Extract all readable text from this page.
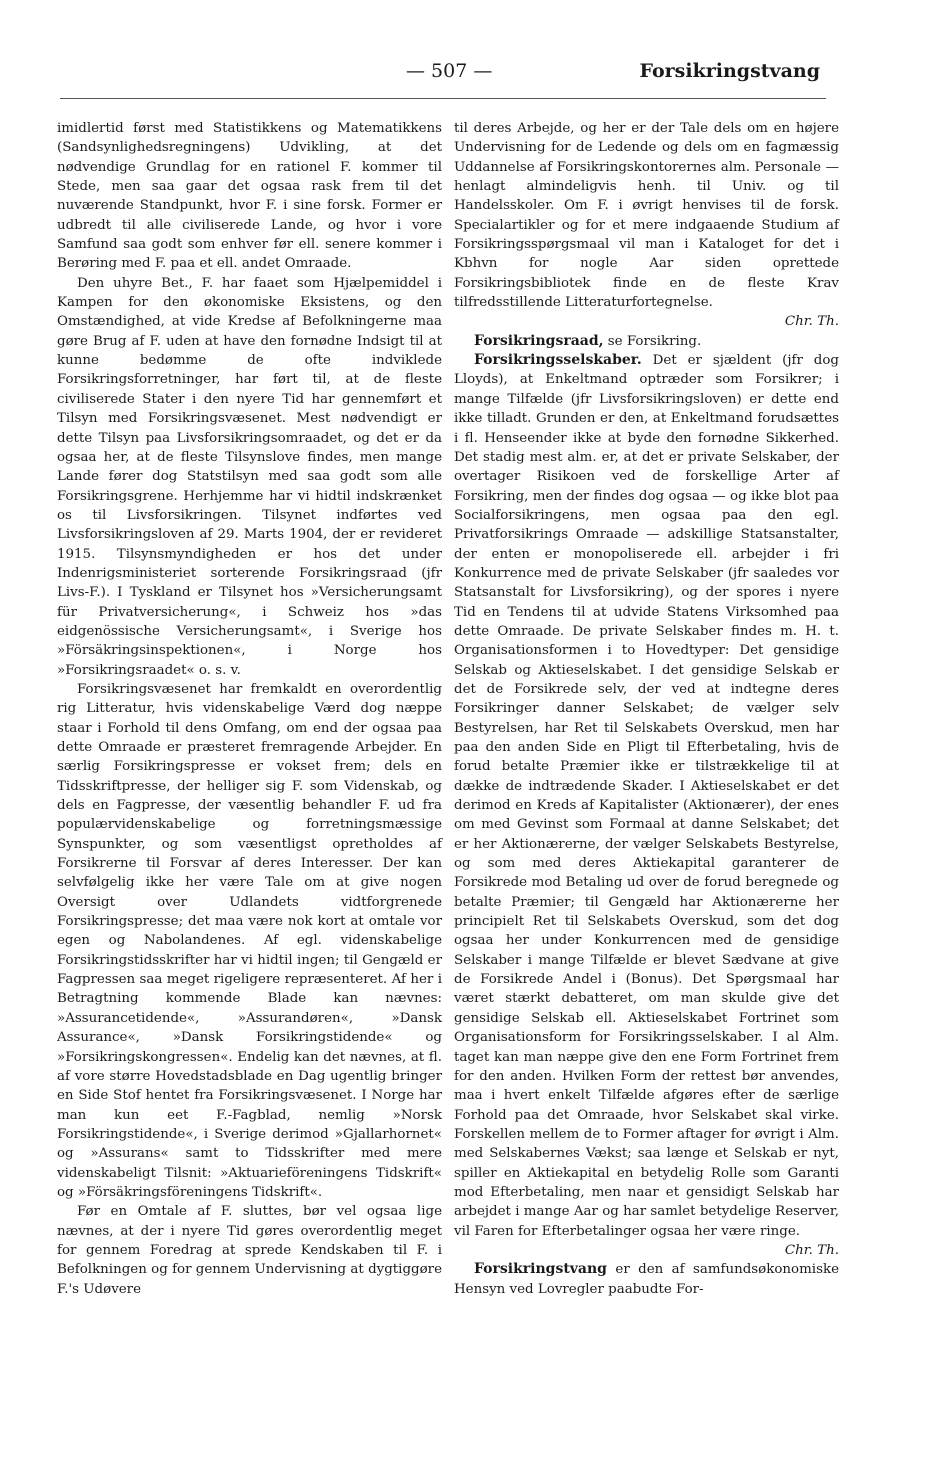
— 507 —	Forsikringstvang

imidlertid først med Statistikkens og Matematikkens (Sandsynlighedsregningens) Udvikling, at det nødvendige Grundlag for en rationel F. kommer til Stede, men saa gaar det ogsaa rask frem til det nuværende Standpunkt, hvor F. i sine forsk. Former er udbredt til alle civiliserede Lande, og hvor i vore Samfund saa godt som enhver før ell. senere kommer i Berøring med F. paa et ell. andet Omraade.

Den uhyre Bet., F. har faaet som Hjælpemiddel i Kampen for den økonomiske Eksistens, og den Omstændighed, at vide Kredse af Befolkningerne maa gøre Brug af F. uden at have den fornødne Indsigt til at kunne bedømme de ofte indviklede Forsikringsforretninger, har ført til, at de fleste civiliserede Stater i den nyere Tid har gennemført et Tilsyn med Forsikringsvæsenet. Mest nødvendigt er dette Tilsyn paa Livsforsikringsomraadet, og det er da ogsaa her, at de fleste Tilsynslove findes, men mange Lande fører dog Statstilsyn med saa godt som alle Forsikringsgrene. Herhjemme har vi hidtil indskrænket os til Livsforsikringen. Tilsynet indførtes ved Livsforsikringsloven af 29. Marts 1904, der er revideret 1915. Tilsynsmyndigheden er hos det under Indenrigsministeriet sorterende Forsikringsraad (jfr Livs-F.). I Tyskland er Tilsynet hos »Versicherungsamt für Privatversicherung«, i Schweiz hos »das eidgenössische Versicherungsamt«, i Sverige hos »Försäkringsinspektionen«, i Norge hos »Forsikringsraadet« o. s. v.

Forsikringsvæsenet har fremkaldt en overordentlig rig Litteratur, hvis videnskabelige Værd dog næppe staar i Forhold til dens Omfang, om end der ogsaa paa dette Omraade er præsteret fremragende Arbejder. En særlig Forsikringspresse er vokset frem; dels en Tidsskriftpresse, der helliger sig F. som Videnskab, og dels en Fagpresse, der væsentlig behandler F. ud fra populærvidenskabelige og forretningsmæssige Synspunkter, og som væsentligst opretholdes af Forsikrerne til Forsvar af deres Interesser. Der kan selvfølgelig ikke her være Tale om at give nogen Oversigt over Udlandets vidtforgrenede Forsikringspresse; det maa være nok kort at omtale vor egen og Nabolandenes. Af egl. videnskabelige Forsikringstidsskrifter har vi hidtil ingen; til Gengæld er Fagpressen saa meget rigeligere repræsenteret. Af her i Betragtning kommende Blade kan nævnes: »Assurancetidende«, »Assurandøren«, »Dansk Assurance«, »Dansk Forsikringstidende« og »Forsikringskongressen«. Endelig kan det nævnes, at fl. af vore større Hovedstadsblade en Dag ugentlig bringer en Side Stof hentet fra Forsikringsvæsenet. I Norge har man kun eet F.-Fagblad, nemlig »Norsk Forsikringstidende«, i Sverige derimod »Gjallarhornet« og »Assurans« samt to Tidsskrifter med mere videnskabeligt Tilsnit: »Aktuarieföreningens Tidskrift« og »Försäkringsföreningens Tidskrift«.

Før en Omtale af F. sluttes, bør vel ogsaa lige nævnes, at der i nyere Tid gøres overordentlig meget for gennem Foredrag at sprede Kendskaben til F. i Befolkningen og for gennem Undervisning at dygtiggøre F.'s Udøvere

til deres Arbejde, og her er der Tale dels om en højere Undervisning for de Ledende og dels om en fagmæssig Uddannelse af Forsikringskontorernes alm. Personale — henlagt almindeligvis henh. til Univ. og til Handelsskoler. Om F. i øvrigt henvises til de forsk. Specialartikler og for et mere indgaaende Studium af Forsikringsspørgsmaal vil man i Kataloget for det i Kbhvn for nogle Aar siden oprettede Forsikringsbibliotek finde en de fleste Krav tilfredsstillende Litteraturfortegnelse.

Chr. Th.

Forsikringsraad, se Forsikring.

Forsikringsselskaber. Det er sjældent (jfr dog Lloyds), at Enkeltmand optræder som Forsikrer; i mange Tilfælde (jfr Livsforsikringsloven) er dette end ikke tilladt. Grunden er den, at Enkeltmand forudsættes i fl. Henseender ikke at byde den fornødne Sikkerhed. Det stadig mest alm. er, at det er private Selskaber, der overtager Risikoen ved de forskellige Arter af Forsikring, men der findes dog ogsaa — og ikke blot paa Socialforsikringens, men ogsaa paa den egl. Privatforsikrings Omraade — adskillige Statsanstalter, der enten er monopoliserede ell. arbejder i fri Konkurrence med de private Selskaber (jfr saaledes vor Statsanstalt for Livsforsikring), og der spores i nyere Tid en Tendens til at udvide Statens Virksomhed paa dette Omraade. De private Selskaber findes m. H. t. Organisationsformen i to Hovedtyper: Det gensidige Selskab og Aktieselskabet. I det gensidige Selskab er det de Forsikrede selv, der ved at indtegne deres Forsikringer danner Selskabet; de vælger selv Bestyrelsen, har Ret til Selskabets Overskud, men har paa den anden Side en Pligt til Efterbetaling, hvis de forud betalte Præmier ikke er tilstrækkelige til at dække de indtrædende Skader. I Aktieselskabet er det derimod en Kreds af Kapitalister (Aktionærer), der enes om med Gevinst som Formaal at danne Selskabet; det er her Aktionærerne, der vælger Selskabets Bestyrelse, og som med deres Aktiekapital garanterer de Forsikrede mod Betaling ud over de forud beregnede og betalte Præmier; til Gengæld har Aktionærerne her principielt Ret til Selskabets Overskud, som det dog ogsaa her under Konkurrencen med de gensidige Selskaber i mange Tilfælde er blevet Sædvane at give de Forsikrede Andel i (Bonus). Det Spørgsmaal har været stærkt debatteret, om man skulde give det gensidige Selskab ell. Aktieselskabet Fortrinet som Organisationsform for Forsikringsselskaber. I al Alm. taget kan man næppe give den ene Form Fortrinet frem for den anden. Hvilken Form der rettest bør anvendes, maa i hvert enkelt Tilfælde afgøres efter de særlige Forhold paa det Omraade, hvor Selskabet skal virke. Forskellen mellem de to Former aftager for øvrigt i Alm. med Selskabernes Vækst; saa længe et Selskab er nyt, spiller en Aktiekapital en betydelig Rolle som Garanti mod Efterbetaling, men naar et gensidigt Selskab har arbejdet i mange Aar og har samlet betydelige Reserver, vil Faren for Efterbetalinger ogsaa her være ringe.

Chr. Th.

Forsikringstvang er den af samfundsøkonomiske Hensyn ved Lovregler paabudte For-
